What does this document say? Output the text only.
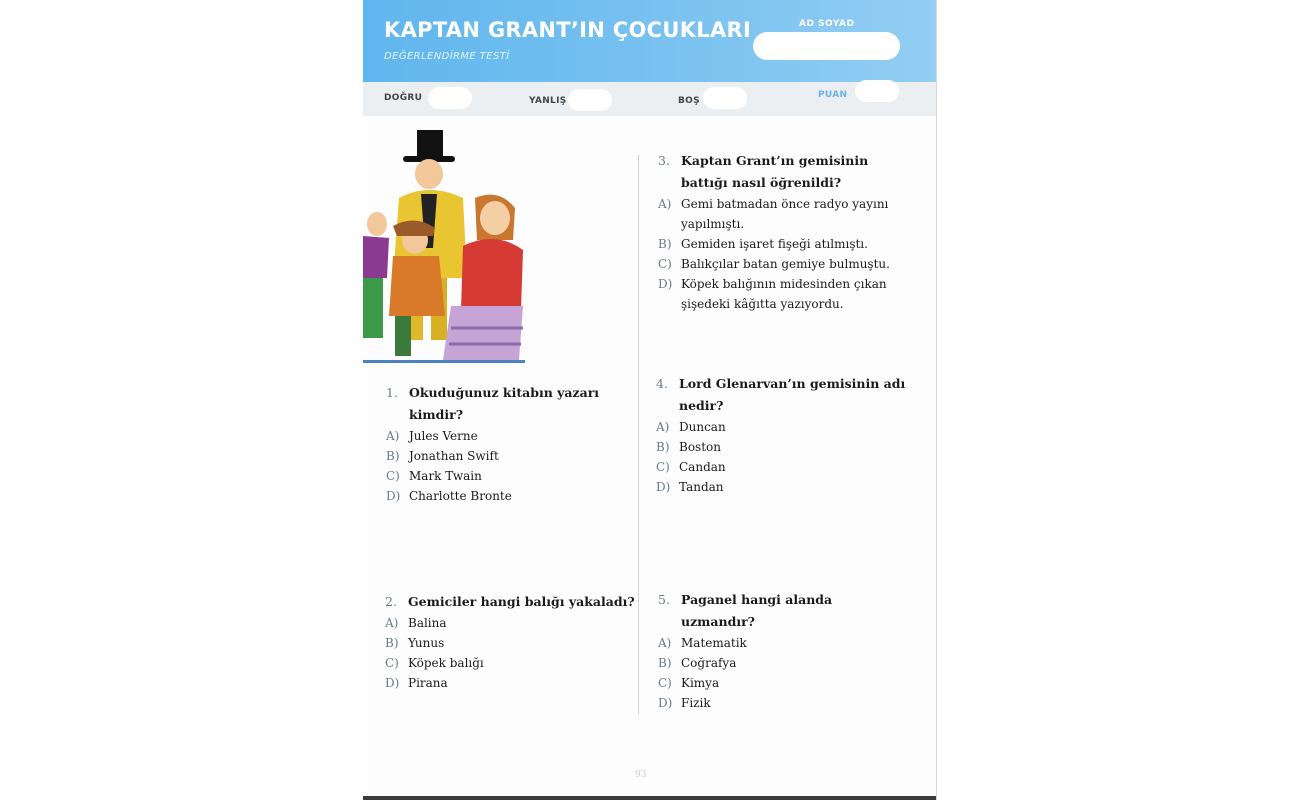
KAPTAN GRANT’IN ÇOCUKLARI
DEĞERLENDİRME TESTİ
AD SOYAD
DOĞRU	YANLIŞ	BOŞ
PUAN
1. Okuduğunuz kitabın yazarı kimdir?
A) Jules Verne
B) Jonathan Swift
C) Mark Twain
D) Charlotte Bronte
2. Gemiciler hangi balığı yakaladı?
A) Balina
B) Yunus
C) Köpek balığı
D) Pirana
3. Kaptan Grant’ın gemisinin battığı nasıl öğrenildi?
A) Gemi batmadan önce radyo yayını yapılmıştı.
B) Gemiden işaret fişeği atılmıştı.
C) Balıkçılar batan gemiye bulmuştu.
D) Köpek balığının midesinden çıkan şişedeki kâğıtta yazıyordu.
4. Lord Glenarvan’ın gemisinin adı nedir?
A) Duncan
B) Boston
C) Candan
D) Tandan
5. Paganel hangi alanda uzmandır?
A) Matematik
B) Coğrafya
C) Kimya
D) Fizik
93
